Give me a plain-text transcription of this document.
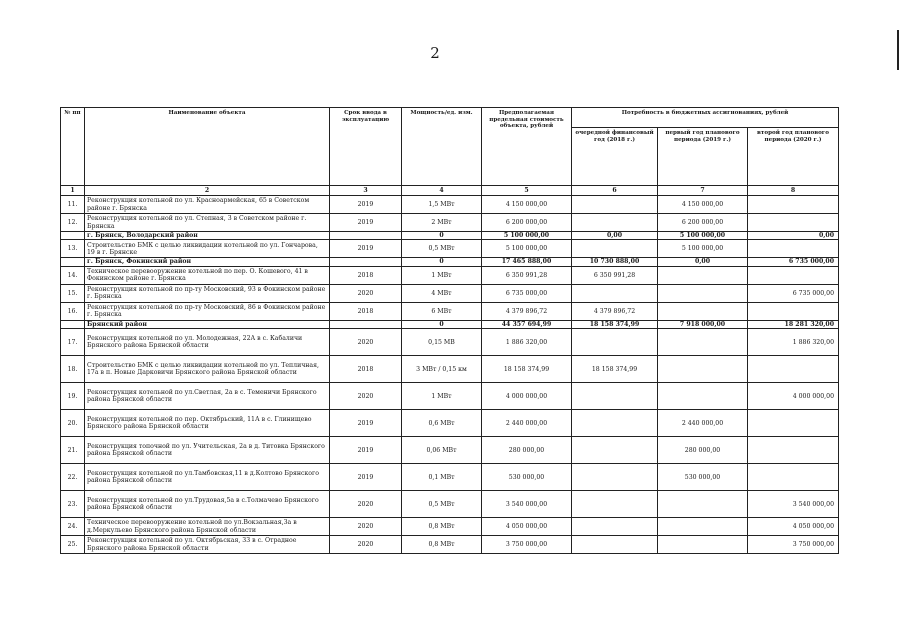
2
№ пп	Наименование объекта	Срок ввода в эксплуатацию	Мощность/ед. изм.	Предполагаемая предельная стоимость объекта, рублей	Потребность в бюджетных ассигнованиях, рублей		
					очередной финансовый год (2018 г.)	первый год планового периода (2019 г.)	второй год планового периода (2020 г.)
1	2	3	4	5	6	7	8
11.	Реконструкция котельной по ул. Красноармейская, 65 в Советском районе г. Брянска	2019	1,5 МВт	4 150 000,00		4 150 000,00	
12.	Реконструкция котельной по ул. Степная, 3 в Советском районе г. Брянска	2019	2 МВт	6 200 000,00		6 200 000,00	
	г. Брянск, Володарский район		0	5 100 000,00	0,00	5 100 000,00	0,00
13.	Строительство БМК с целью ликвидации котельной по ул. Гончарова, 19 в г. Брянске	2019	0,5 МВт	5 100 000,00		5 100 000,00	
	г. Брянск, Фокинский район		0	17 465 888,00	10 730 888,00	0,00	6 735 000,00
14.	Техническое перевооружение котельной по пер. О. Кошевого, 41 в Фокинском районе г. Брянска	2018	1 МВт	6 350 991,28	6 350 991,28		
15.	Реконструкция котельной по пр-ту Московский, 93 в Фокинском районе г. Брянска	2020	4 МВт	6 735 000,00			6 735 000,00
16.	Реконструкция котельной по пр-ту Московский, 86 в Фокинском районе г. Брянска	2018	6 МВт	4 379 896,72	4 379 896,72		
	Брянский район		0	44 357 694,99	18 158 374,99	7 918 000,00	18 281 320,00
17.	Реконструкция котельной по ул. Молодежная, 22А в с. Кабаличи Брянского района Брянской области	2020	0,15 МВ	1 886 320,00			1 886 320,00
18.	Строительство БМК с целью ликвидации котельной по ул. Тепличная, 17а в п. Новые Дарковичи Брянского района Брянской области	2018	3 МВт / 0,15 км	18 158 374,99	18 158 374,99		
19.	Реконструкция котельной по ул.Светлая, 2а в с. Теменичи Брянского района Брянской области	2020	1 МВт	4 000 000,00			4 000 000,00
20.	Реконструкция котельной по пер. Октябрьский, 11А в с. Глинищево Брянского района Брянской области	2019	0,6 МВт	2 440 000,00		2 440 000,00	
21.	Реконструкция топочной по ул. Учительская, 2а в д. Титовка Брянского района Брянской области	2019	0,06 МВт	280 000,00		280 000,00	
22.	Реконструкция котельной по ул.Тамбовская,11 в д.Колтово Брянского района Брянской области	2019	0,1 МВт	530 000,00		530 000,00	
23.	Реконструкция котельной по ул.Трудовая,5а в с.Толмачево Брянского района Брянской области	2020	0,5 МВт	3 540 000,00			3 540 000,00
24.	Техническое перевооружение котельной по ул.Вокзальная,3а в д.Меркульево Брянского района Брянской области	2020	0,8 МВт	4 050 000,00			4 050 000,00
25.	Реконструкция котельной по ул. Октябрьская, 33 в с. Отрадное Брянского района Брянской области	2020	0,8 МВт	3 750 000,00			3 750 000,00
